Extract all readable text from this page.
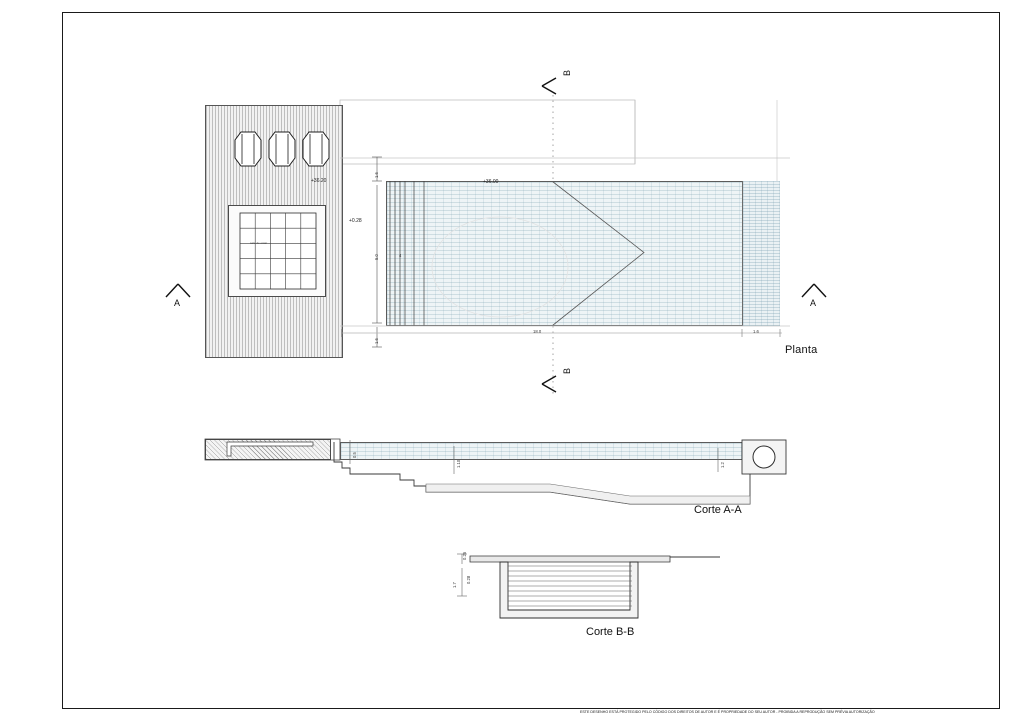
sala de estar
1.6
5.0
1.6
18.0	1.6
4
+36.20	+36.00
+0.28
B
B
A	A
Planta
0.5
1.10	1.2
Corte A-A
0.25
1.7
0.28
Corte B-B
ESTE DESENHO ESTÁ PROTEGIDO PELO CÓDIGO DOS DIREITOS DE AUTOR E É PROPRIEDADE DO SEU AUTOR - PROIBIDA A REPRODUÇÃO SEM PRÉVIA AUTORIZAÇÃO
